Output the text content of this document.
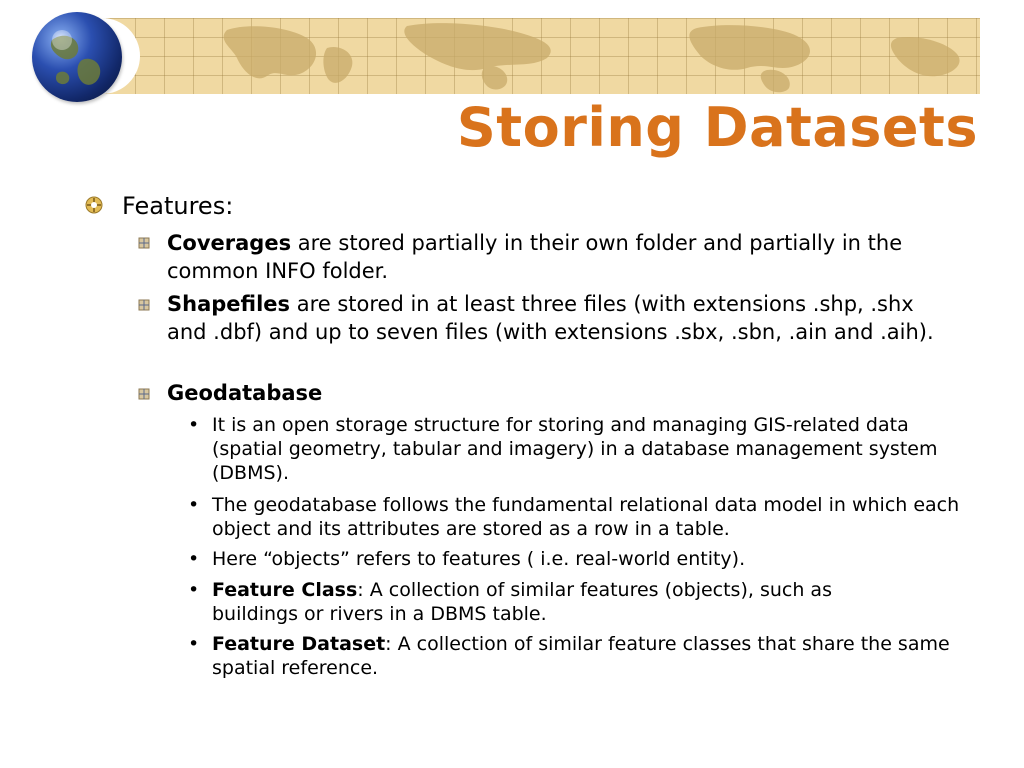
Storing Datasets
Features:
Coverages are stored partially in their own folder and partially in the common INFO folder.
Shapefiles are stored in at least three files (with extensions .shp, .shx and .dbf) and up to seven files (with extensions .sbx, .sbn, .ain and .aih).
Geodatabase
• It is an open storage structure for storing and managing GIS-related data (spatial geometry, tabular and imagery) in a database management system (DBMS).
• The geodatabase follows the fundamental relational data model in which each object and its attributes are stored as a row in a table.
• Here “objects” refers to features ( i.e. real-world entity).
• Feature Class: A collection of similar features (objects), such as buildings or rivers in a DBMS table.
• Feature Dataset: A collection of similar feature classes that share the same spatial reference.
